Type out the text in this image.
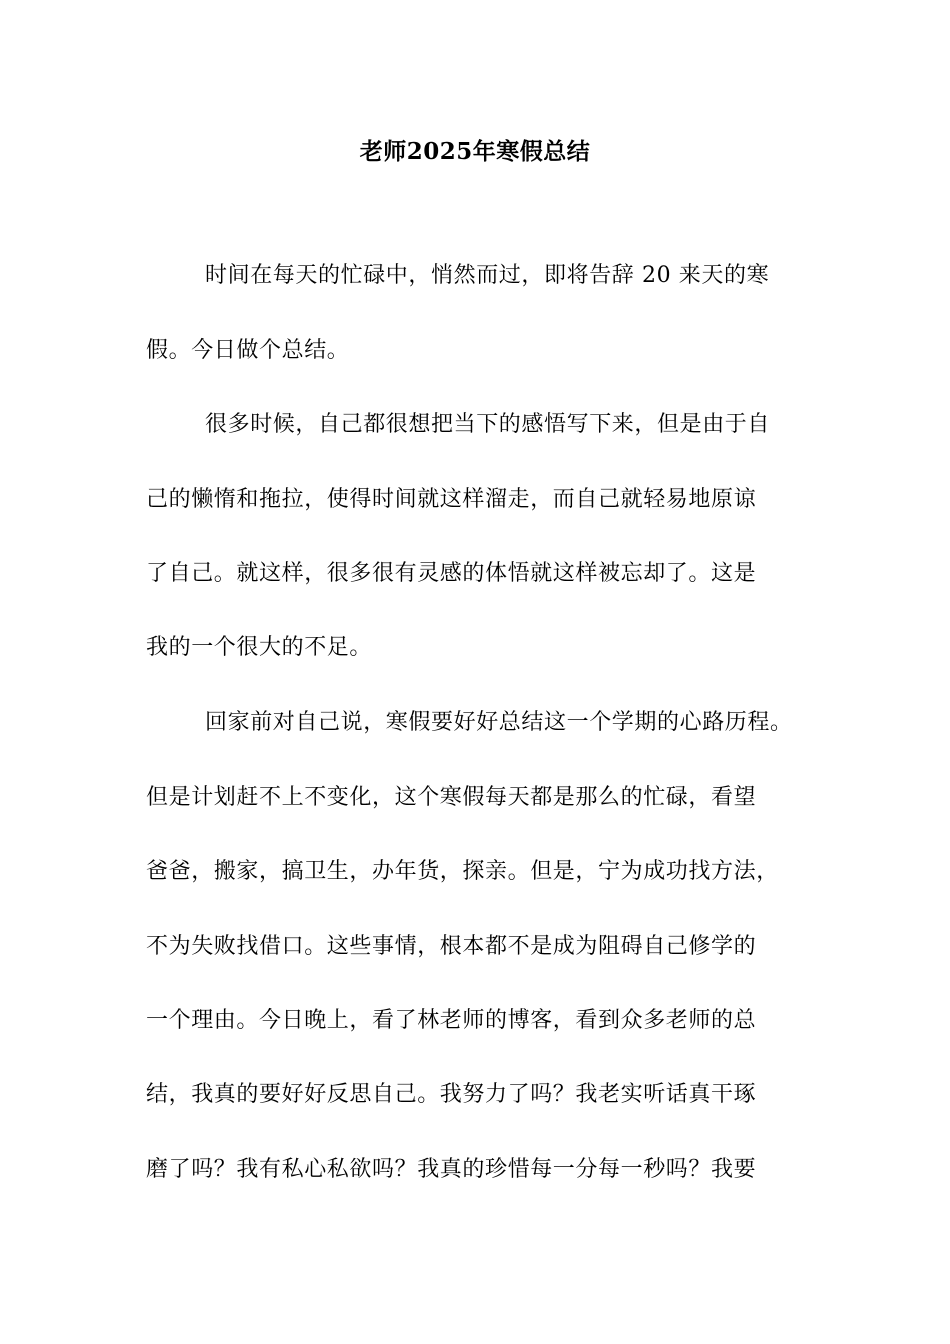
老师2025年寒假总结

时间在每天的忙碌中，悄然而过，即将告辞 20 来天的寒

假。今日做个总结。

很多时候，自己都很想把当下的感悟写下来，但是由于自

己的懒惰和拖拉，使得时间就这样溜走，而自己就轻易地原谅

了自己。就这样，很多很有灵感的体悟就这样被忘却了。这是

我的一个很大的不足。

回家前对自己说，寒假要好好总结这一个学期的心路历程。

但是计划赶不上不变化，这个寒假每天都是那么的忙碌，看望

爸爸，搬家，搞卫生，办年货，探亲。但是，宁为成功找方法，

不为失败找借口。这些事情，根本都不是成为阻碍自己修学的

一个理由。今日晚上，看了林老师的博客，看到众多老师的总

结，我真的要好好反思自己。我努力了吗？我老实听话真干琢

磨了吗？我有私心私欲吗？我真的珍惜每一分每一秒吗？我要
